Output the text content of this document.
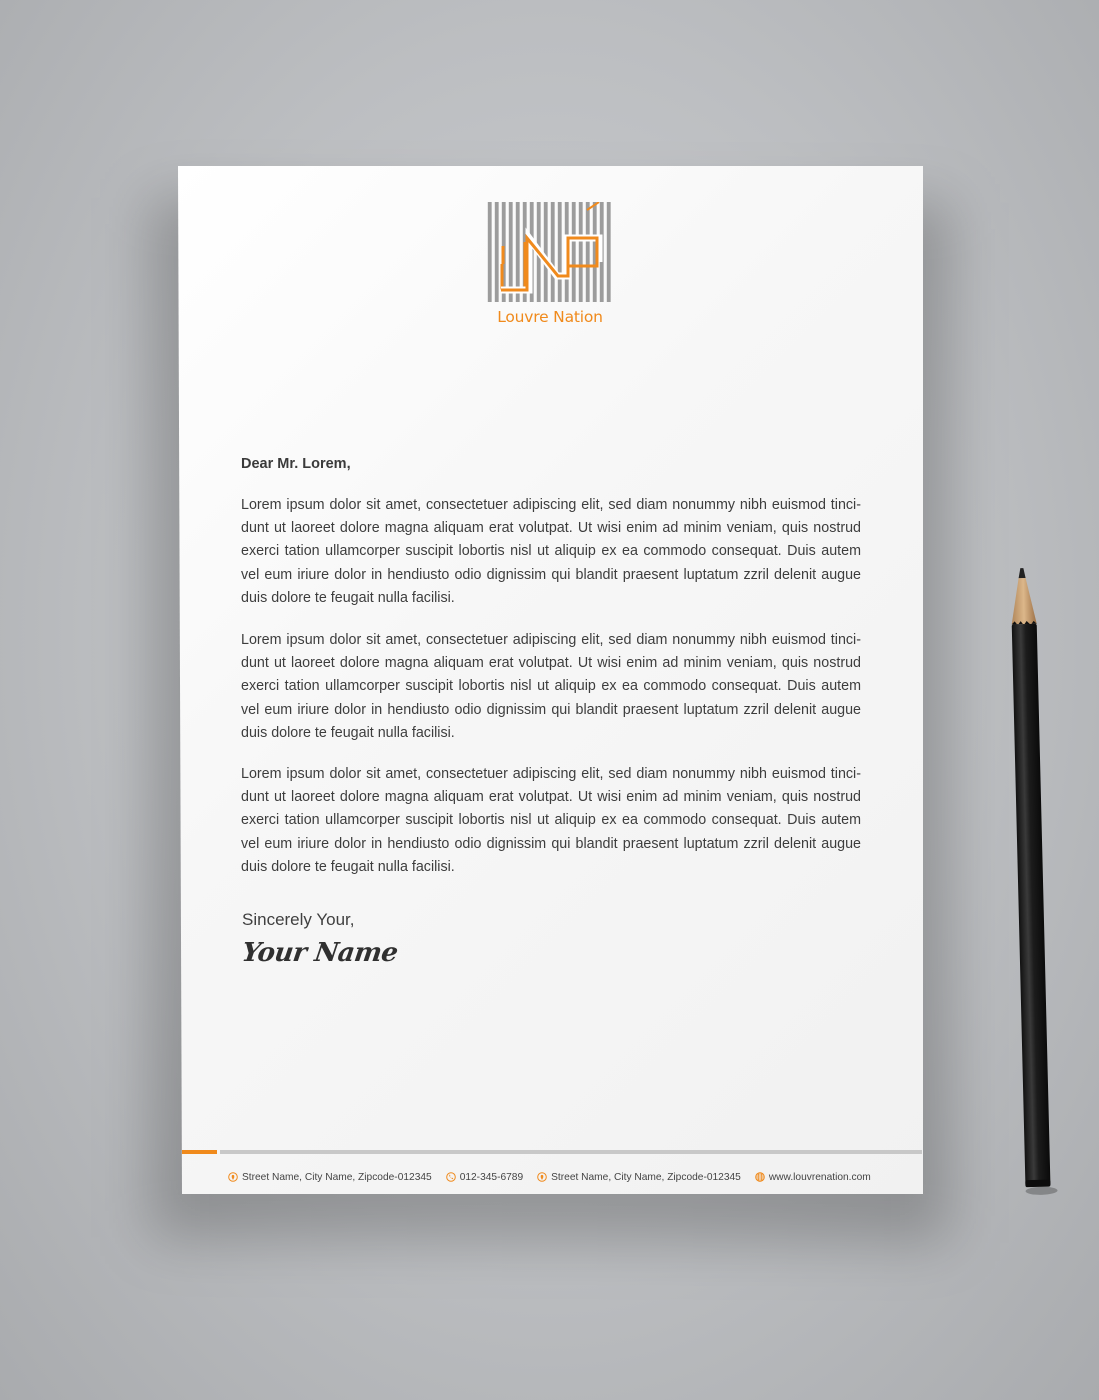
Louvre Nation
Dear Mr. Lorem,
Lorem ipsum dolor sit amet, consectetuer adipiscing elit, sed diam nonummy nibh euismod tinci-dunt ut laoreet dolore magna aliquam erat volutpat. Ut wisi enim ad minim veniam, quis nostrud exerci tation ullamcorper suscipit lobortis nisl ut aliquip ex ea commodo consequat. Duis autem vel eum iriure dolor in hendiusto odio dignissim qui blandit praesent luptatum zzril delenit augue duis dolore te feugait nulla facilisi.
Lorem ipsum dolor sit amet, consectetuer adipiscing elit, sed diam nonummy nibh euismod tinci-dunt ut laoreet dolore magna aliquam erat volutpat. Ut wisi enim ad minim veniam, quis nostrud exerci tation ullamcorper suscipit lobortis nisl ut aliquip ex ea commodo consequat. Duis autem vel eum iriure dolor in hendiusto odio dignissim qui blandit praesent luptatum zzril delenit augue duis dolore te feugait nulla facilisi.
Lorem ipsum dolor sit amet, consectetuer adipiscing elit, sed diam nonummy nibh euismod tinci-dunt ut laoreet dolore magna aliquam erat volutpat. Ut wisi enim ad minim veniam, quis nostrud exerci tation ullamcorper suscipit lobortis nisl ut aliquip ex ea commodo consequat. Duis autem vel eum iriure dolor in hendiusto odio dignissim qui blandit praesent luptatum zzril delenit augue duis dolore te feugait nulla facilisi.
Sincerely Your,
Your Name
Street Name, City Name, Zipcode-012345	012-345-6789	Street Name, City Name, Zipcode-012345	www.louvrenation.com
